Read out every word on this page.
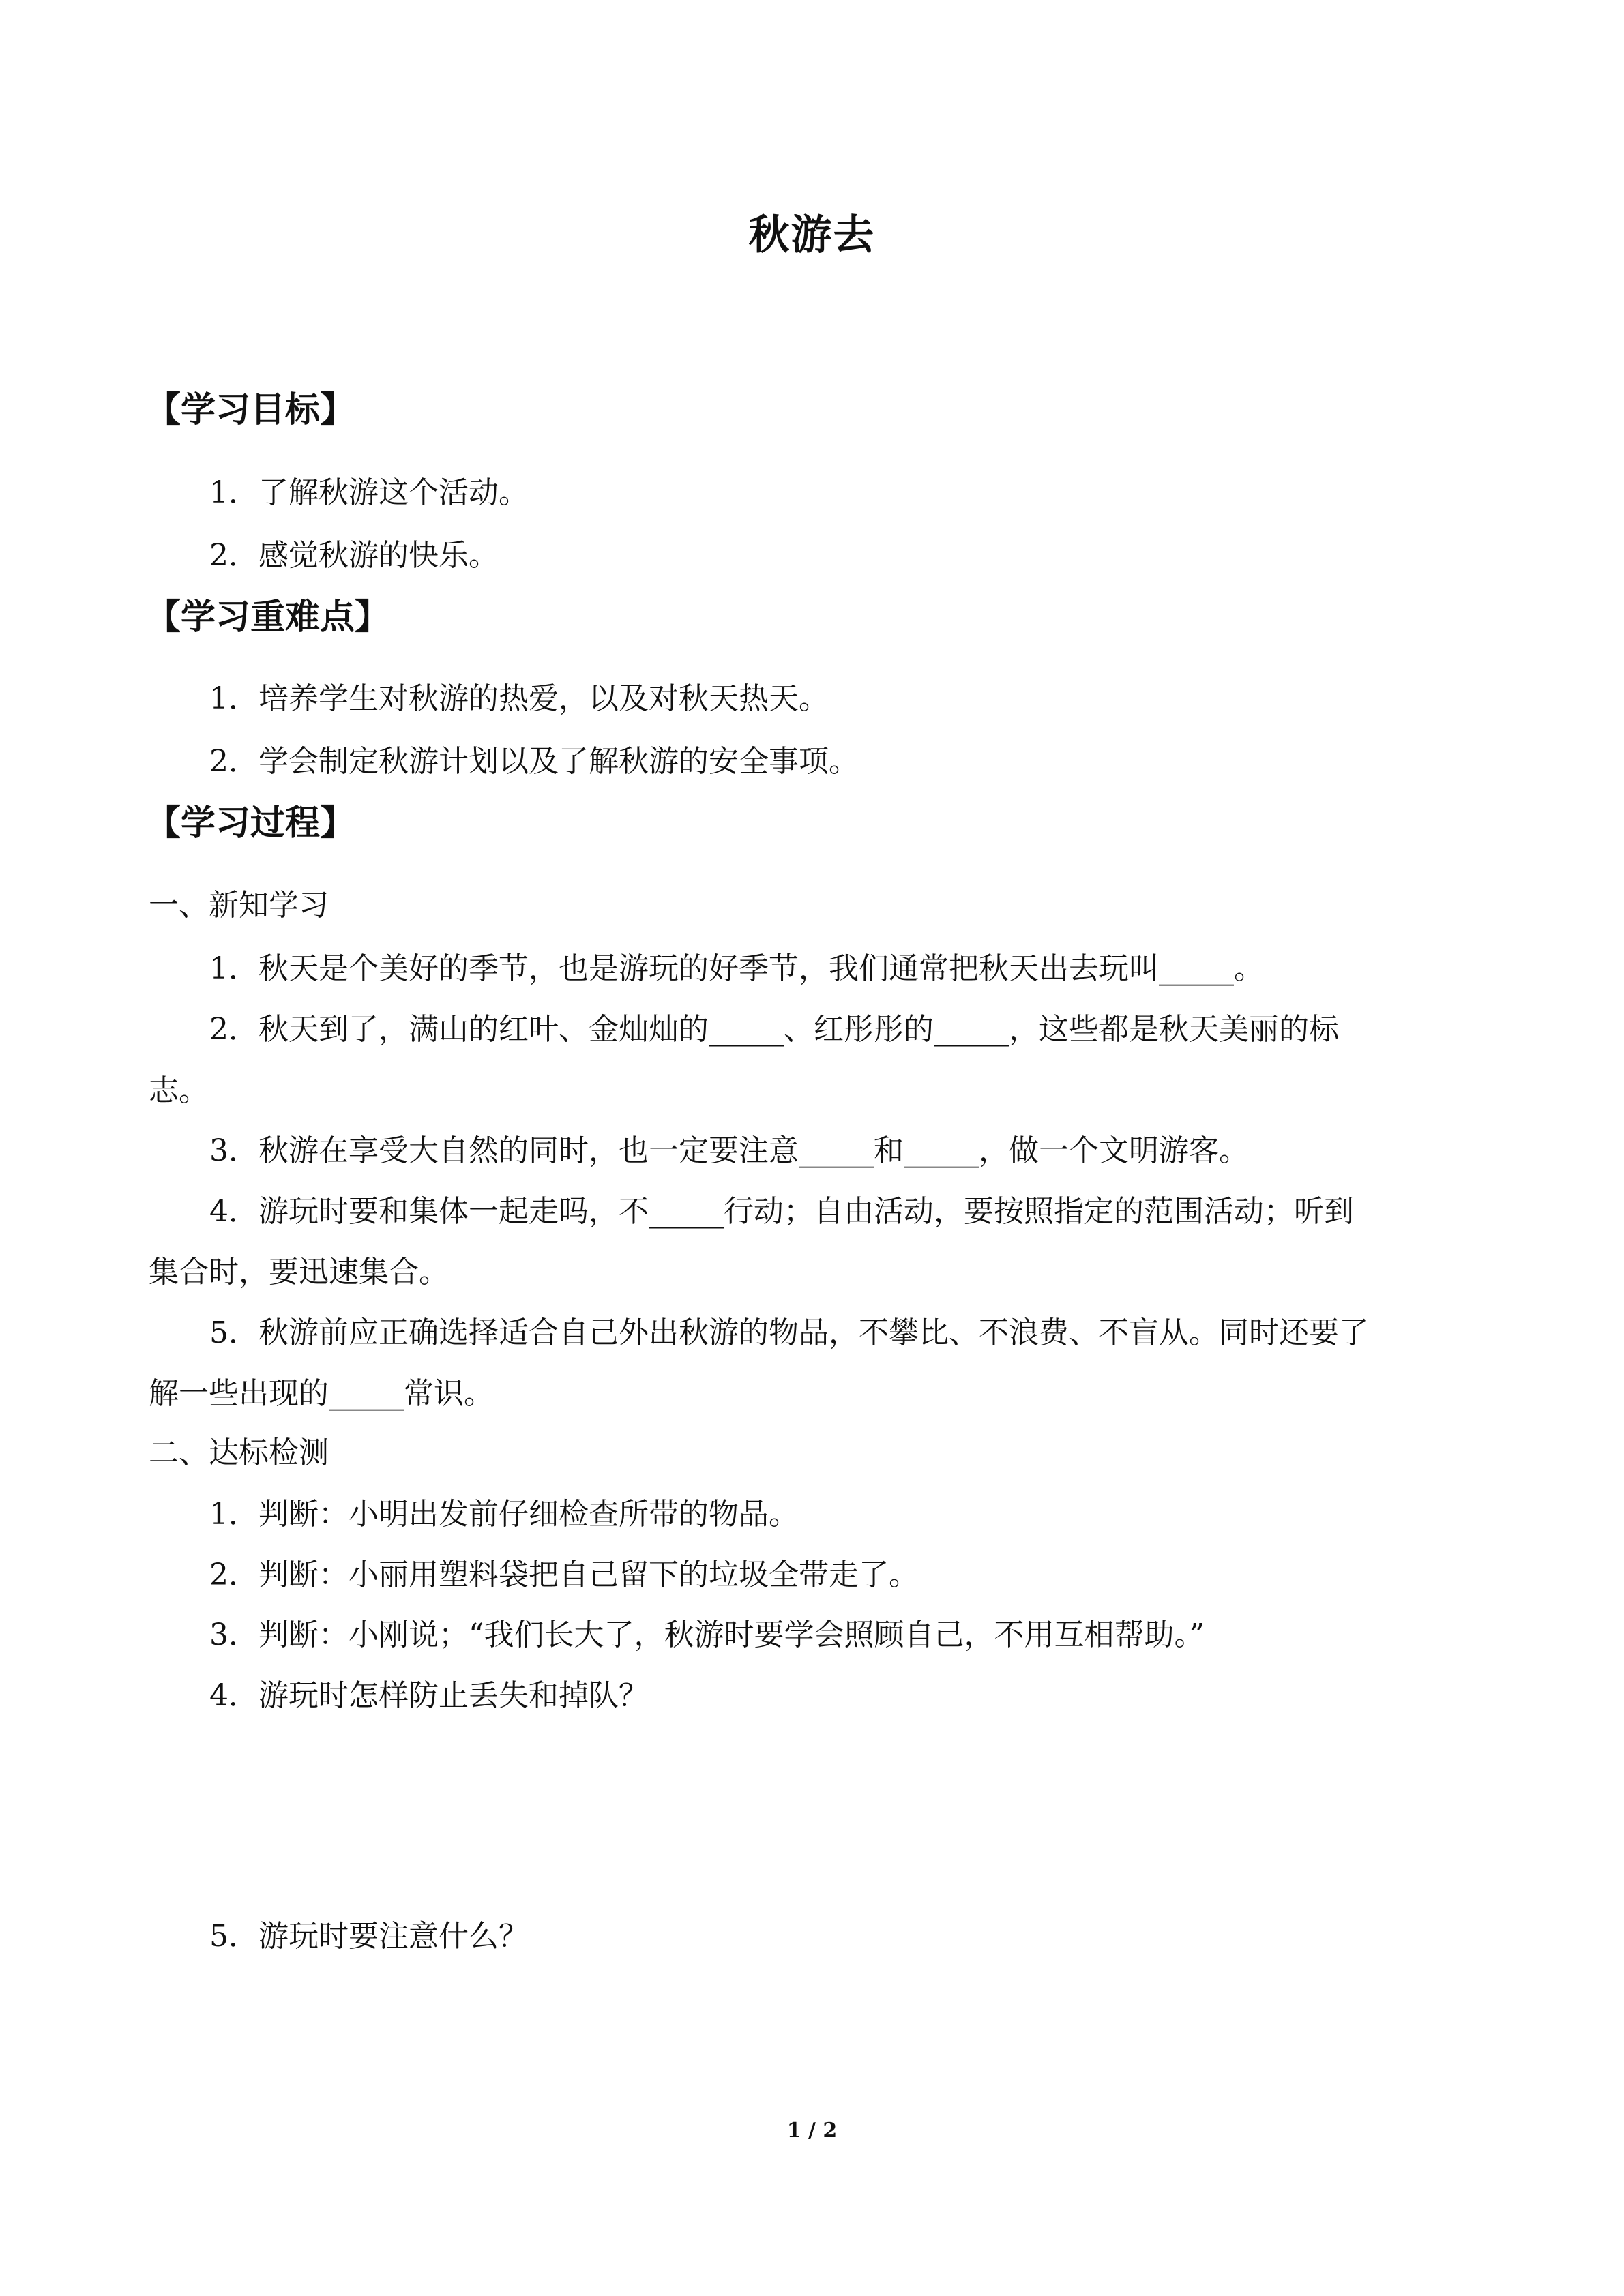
秋游去
【学习目标】
1．了解秋游这个活动。
2．感觉秋游的快乐。
【学习重难点】
1．培养学生对秋游的热爱，以及对秋天热天。
2．学会制定秋游计划以及了解秋游的安全事项。
【学习过程】
一、新知学习
1．秋天是个美好的季节，也是游玩的好季节，我们通常把秋天出去玩叫_____。
2．秋天到了，满山的红叶、金灿灿的_____、红彤彤的_____，这些都是秋天美丽的标
志。
3．秋游在享受大自然的同时，也一定要注意_____和_____，做一个文明游客。
4．游玩时要和集体一起走吗，不_____行动；自由活动，要按照指定的范围活动；听到
集合时，要迅速集合。
5．秋游前应正确选择适合自己外出秋游的物品，不攀比、不浪费、不盲从。同时还要了
解一些出现的_____常识。
二、达标检测
1．判断：小明出发前仔细检查所带的物品。
2．判断：小丽用塑料袋把自己留下的垃圾全带走了。
3．判断：小刚说；“我们长大了，秋游时要学会照顾自己，不用互相帮助。”
4．游玩时怎样防止丢失和掉队？
5．游玩时要注意什么？
1 / 2
